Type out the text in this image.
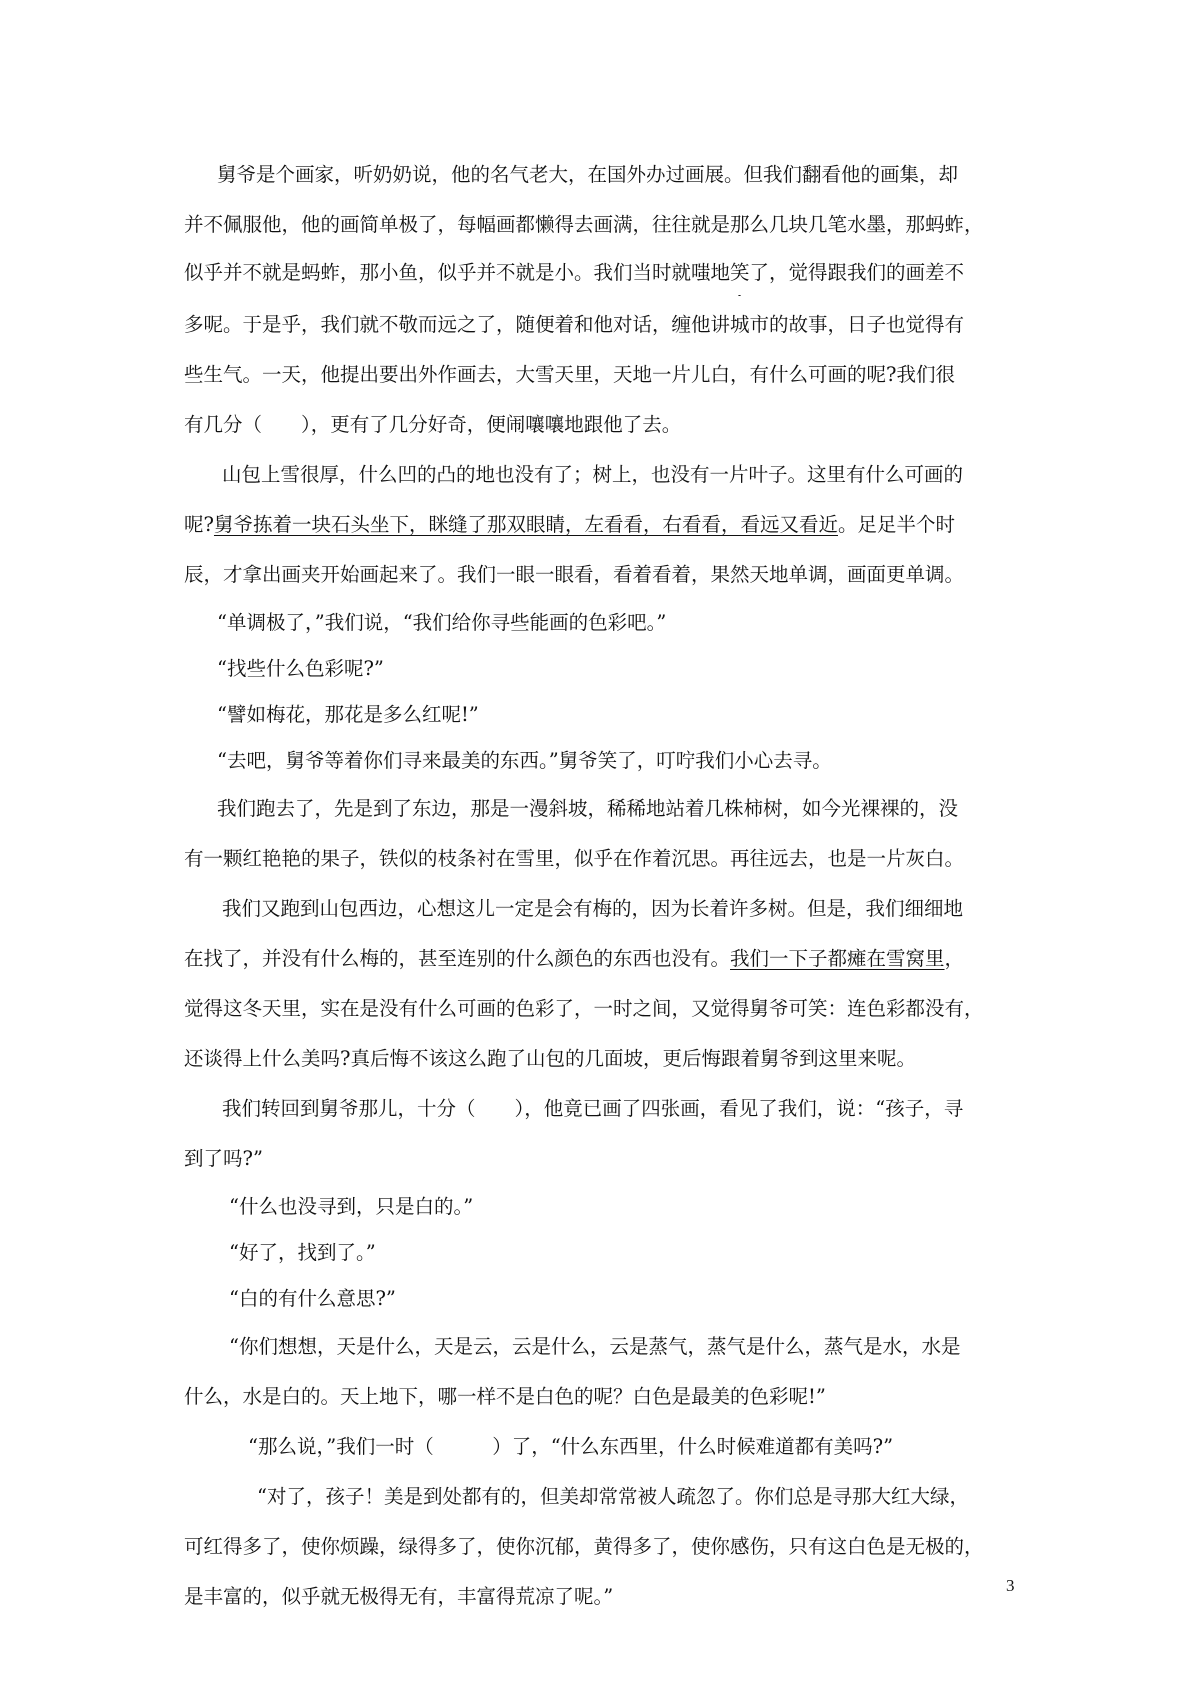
舅爷是个画家，听奶奶说，他的名气老大，在国外办过画展。但我们翻看他的画集，却
并不佩服他，他的画简单极了，每幅画都懒得去画满，往往就是那么几块几笔水墨，那蚂蚱，
似乎并不就是蚂蚱，那小鱼，似乎并不就是小。我们当时就嗤地笑了，觉得跟我们的画差不
多呢。于是乎，我们就不敬而远之了，随便着和他对话，缠他讲城市的故事，日子也觉得有
些生气。一天，他提出要出外作画去，大雪天里，天地一片儿白，有什么可画的呢?我们很
有几分（　　），更有了几分好奇，便闹嚷嚷地跟他了去。
山包上雪很厚，什么凹的凸的地也没有了；树上，也没有一片叶子。这里有什么可画的
呢?舅爷拣着一块石头坐下，眯缝了那双眼睛，左看看，右看看，看远又看近。足足半个时
辰，才拿出画夹开始画起来了。我们一眼一眼看，看着看着，果然天地单调，画面更单调。
“单调极了，”我们说，“我们给你寻些能画的色彩吧。”
“找些什么色彩呢?”
“譬如梅花，那花是多么红呢!”
“去吧，舅爷等着你们寻来最美的东西。”舅爷笑了，叮咛我们小心去寻。
我们跑去了，先是到了东边，那是一漫斜坡，稀稀地站着几株柿树，如今光裸裸的，没
有一颗红艳艳的果子，铁似的枝条衬在雪里，似乎在作着沉思。再往远去，也是一片灰白。
我们又跑到山包西边，心想这儿一定是会有梅的，因为长着许多树。但是，我们细细地
在找了，并没有什么梅的，甚至连别的什么颜色的东西也没有。我们一下子都瘫在雪窝里，
觉得这冬天里，实在是没有什么可画的色彩了，一时之间，又觉得舅爷可笑：连色彩都没有，
还谈得上什么美吗?真后悔不该这么跑了山包的几面坡，更后悔跟着舅爷到这里来呢。
我们转回到舅爷那儿，十分（　　），他竟已画了四张画，看见了我们，说：“孩子，寻
到了吗?”
“什么也没寻到，只是白的。”
“好了，找到了。”
“白的有什么意思?”
“你们想想，天是什么，天是云，云是什么，云是蒸气，蒸气是什么，蒸气是水，水是
什么，水是白的。天上地下，哪一样不是白色的呢？白色是最美的色彩呢!”
“那么说，”我们一时（　　　）了，“什么东西里，什么时候难道都有美吗?”
“对了，孩子！美是到处都有的，但美却常常被人疏忽了。你们总是寻那大红大绿，
可红得多了，使你烦躁，绿得多了，使你沉郁，黄得多了，使你感伤，只有这白色是无极的，
是丰富的，似乎就无极得无有，丰富得荒凉了呢。”	3
